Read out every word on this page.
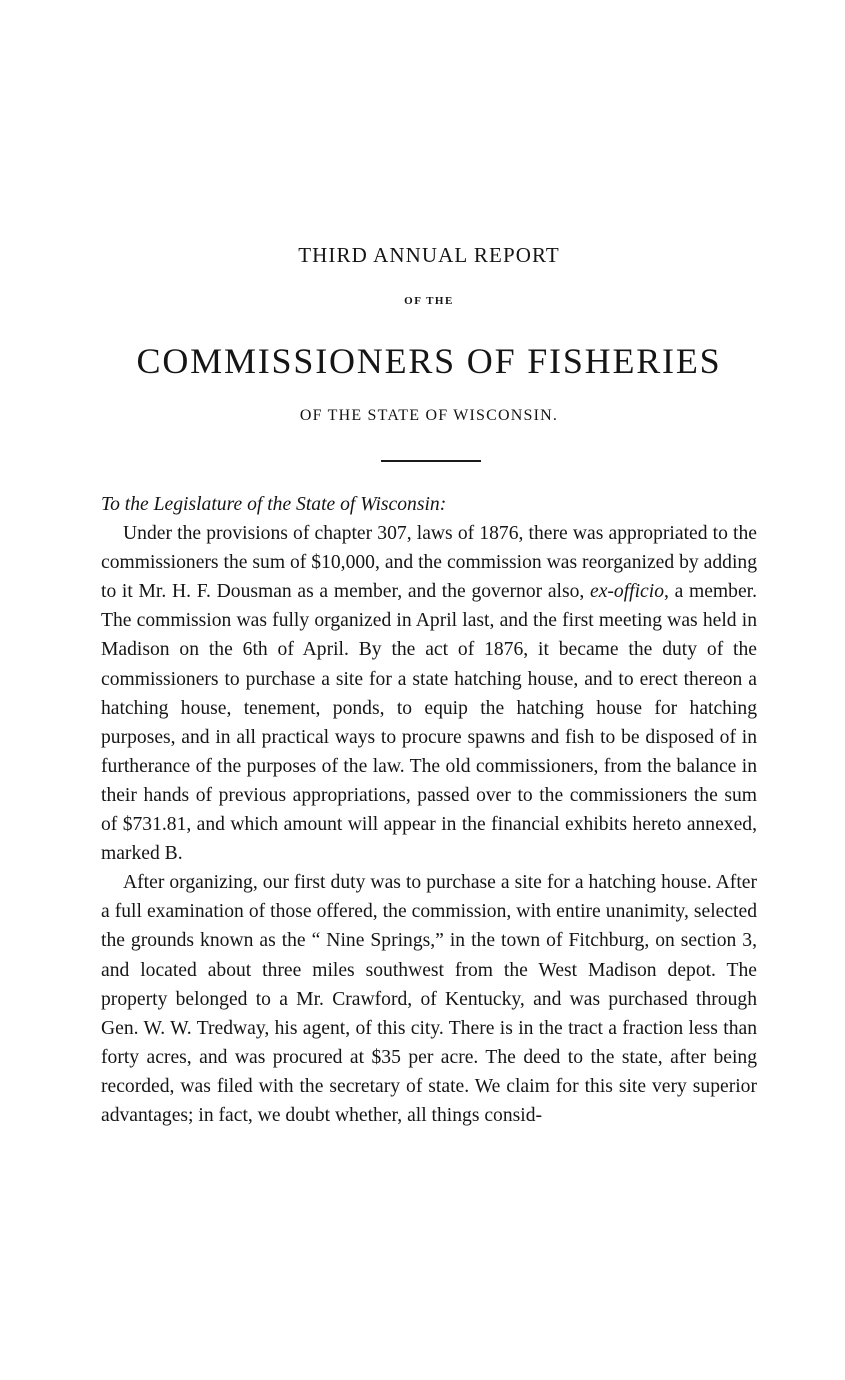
THIRD ANNUAL REPORT
OF THE
COMMISSIONERS OF FISHERIES
OF THE STATE OF WISCONSIN.

To the Legislature of the State of Wisconsin:

Under the provisions of chapter 307, laws of 1876, there was appropriated to the commissioners the sum of $10,000, and the commission was reorganized by adding to it Mr. H. F. Dousman as a member, and the governor also, ex-officio, a member. The commission was fully organized in April last, and the first meeting was held in Madison on the 6th of April. By the act of 1876, it became the duty of the commissioners to purchase a site for a state hatching house, and to erect thereon a hatching house, tenement, ponds, to equip the hatching house for hatching purposes, and in all practical ways to procure spawns and fish to be disposed of in furtherance of the purposes of the law. The old commissioners, from the balance in their hands of previous appropriations, passed over to the commissioners the sum of $731.81, and which amount will appear in the financial exhibits hereto annexed, marked B.

After organizing, our first duty was to purchase a site for a hatching house. After a full examination of those offered, the commission, with entire unanimity, selected the grounds known as the “ Nine Springs,” in the town of Fitchburg, on section 3, and located about three miles southwest from the West Madison depot. The property belonged to a Mr. Crawford, of Kentucky, and was purchased through Gen. W. W. Tredway, his agent, of this city. There is in the tract a fraction less than forty acres, and was procured at $35 per acre. The deed to the state, after being recorded, was filed with the secretary of state. We claim for this site very superior advantages; in fact, we doubt whether, all things consid-
